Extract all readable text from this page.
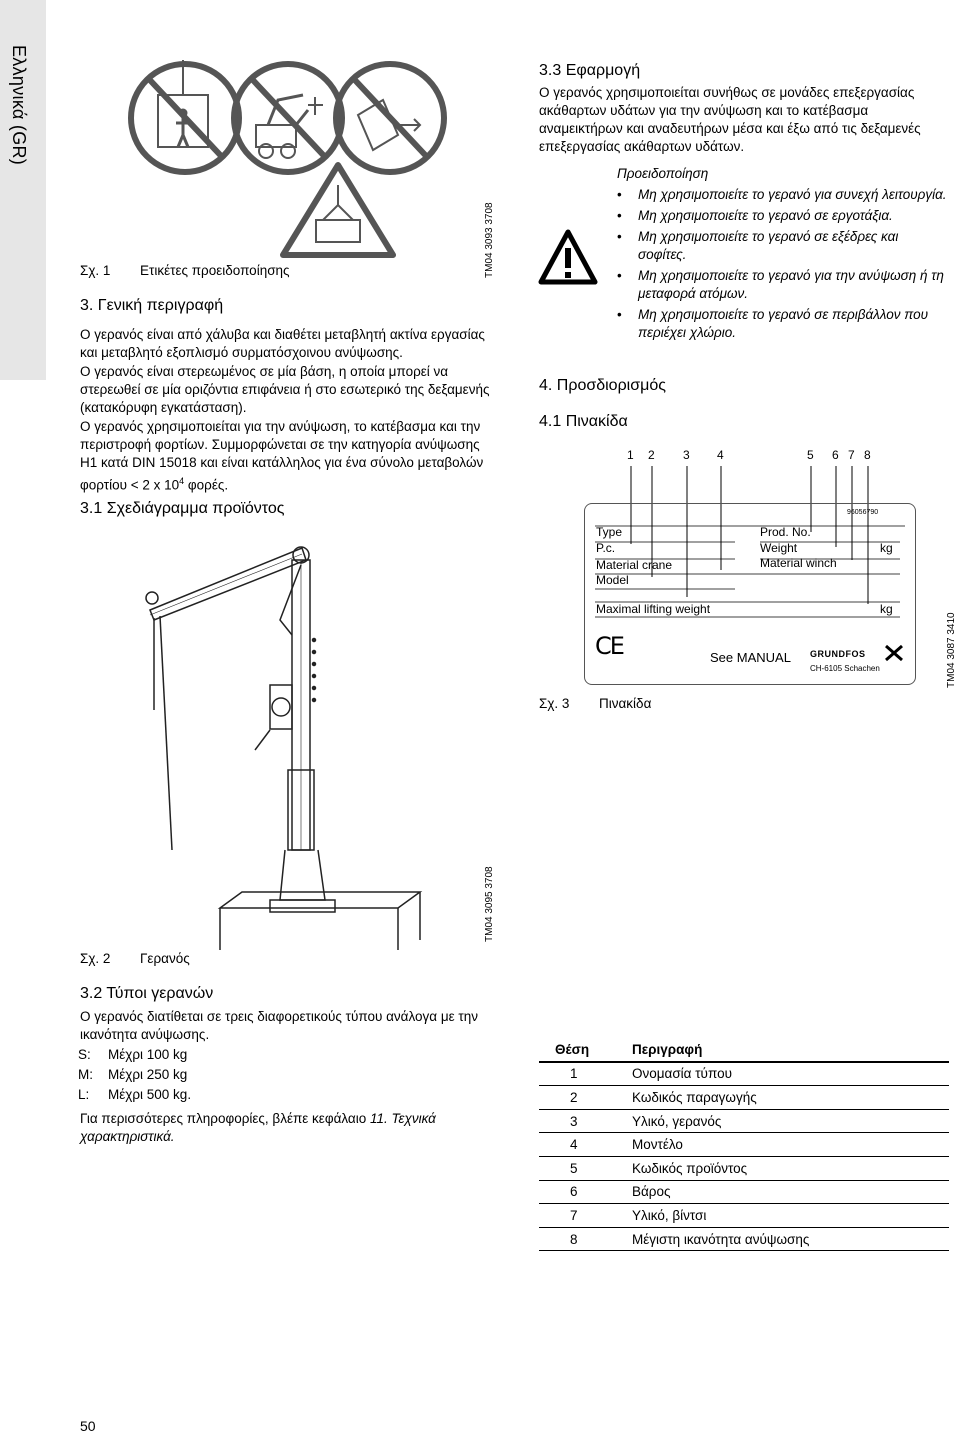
Ελληνικά (GR)
TM04 3093 3708
Σχ. 1 Ετικέτες προειδοποίησης
3. Γενική περιγραφή
Ο γερανός είναι από χάλυβα και διαθέτει μεταβλητή ακτίνα εργασίας και μεταβλητό εξοπλισμό συρματόσχοινου ανύψωσης.
Ο γερανός είναι στερεωμένος σε μία βάση, η οποία μπορεί να στερεωθεί σε μία οριζόντια επιφάνεια ή στο εσωτερικό της δεξαμενής (κατακόρυφη εγκατάσταση).
Ο γερανός χρησιμοποιείται για την ανύψωση, το κατέβασμα και την περιστροφή φορτίων. Συμμορφώνεται σε την κατηγορία ανύψωσης Η1 κατά DIN 15018 και είναι κατάλληλος για ένα σύνολο μεταβολών φορτίου < 2 x $10^4$ φορές.
3.1 Σχεδιάγραμμα προϊόντος
TM04 3095 3708
Σχ. 2 Γερανός
3.2 Τύποι γερανών
Ο γερανός διατίθεται σε τρεις διαφορετικούς τύπου ανάλογα με την ικανότητα ανύψωσης.
S:	Μέχρι 100 kg
M:	Μέχρι 250 kg
L:	Μέχρι 500 kg.
Για περισσότερες πληροφορίες, βλέπε κεφάλαιο 11. Τεχνικά χαρακτηριστικά.
50
3.3 Εφαρμογή
Ο γερανός χρησιμοποιείται συνήθως σε μονάδες επεξεργασίας ακάθαρτων υδάτων για την ανύψωση και το κατέβασμα αναμεικτήρων και αναδευτήρων μέσα και έξω από τις δεξαμενές επεξεργασίας ακάθαρτων υδάτων.
Προειδοποίηση
• Μη χρησιμοποιείτε το γερανό για συνεχή λειτουργία.
• Μη χρησιμοποιείτε το γερανό σε εργοτάξια.
• Μη χρησιμοποιείτε το γερανό σε εξέδρες και σοφίτες.
• Μη χρησιμοποιείτε το γερανό για την ανύψωση ή τη μεταφορά ατόμων.
• Μη χρησιμοποιείτε το γερανό σε περιβάλλον που περιέχει χλώριο.
4. Προσδιορισμός
4.1 Πινακίδα
1 2 3 4	5 6 7 8
96056790
Type
P.c.
Material crane
Model
Prod. No.
Weight	kg
Material winch
Maximal lifting weight	kg
CE	See MANUAL GRUNDFOS
CH-6105 Schachen	TM04 3087 3410
Σχ. 3 Πινακίδα
Θέση	Περιγραφή
1	Ονομασία τύπου
2	Κωδικός παραγωγής
3	Υλικό, γερανός
4	Μοντέλο
5	Κωδικός προϊόντος
6	Βάρος
7	Υλικό, βίντσι
8	Μέγιστη ικανότητα ανύψωσης
